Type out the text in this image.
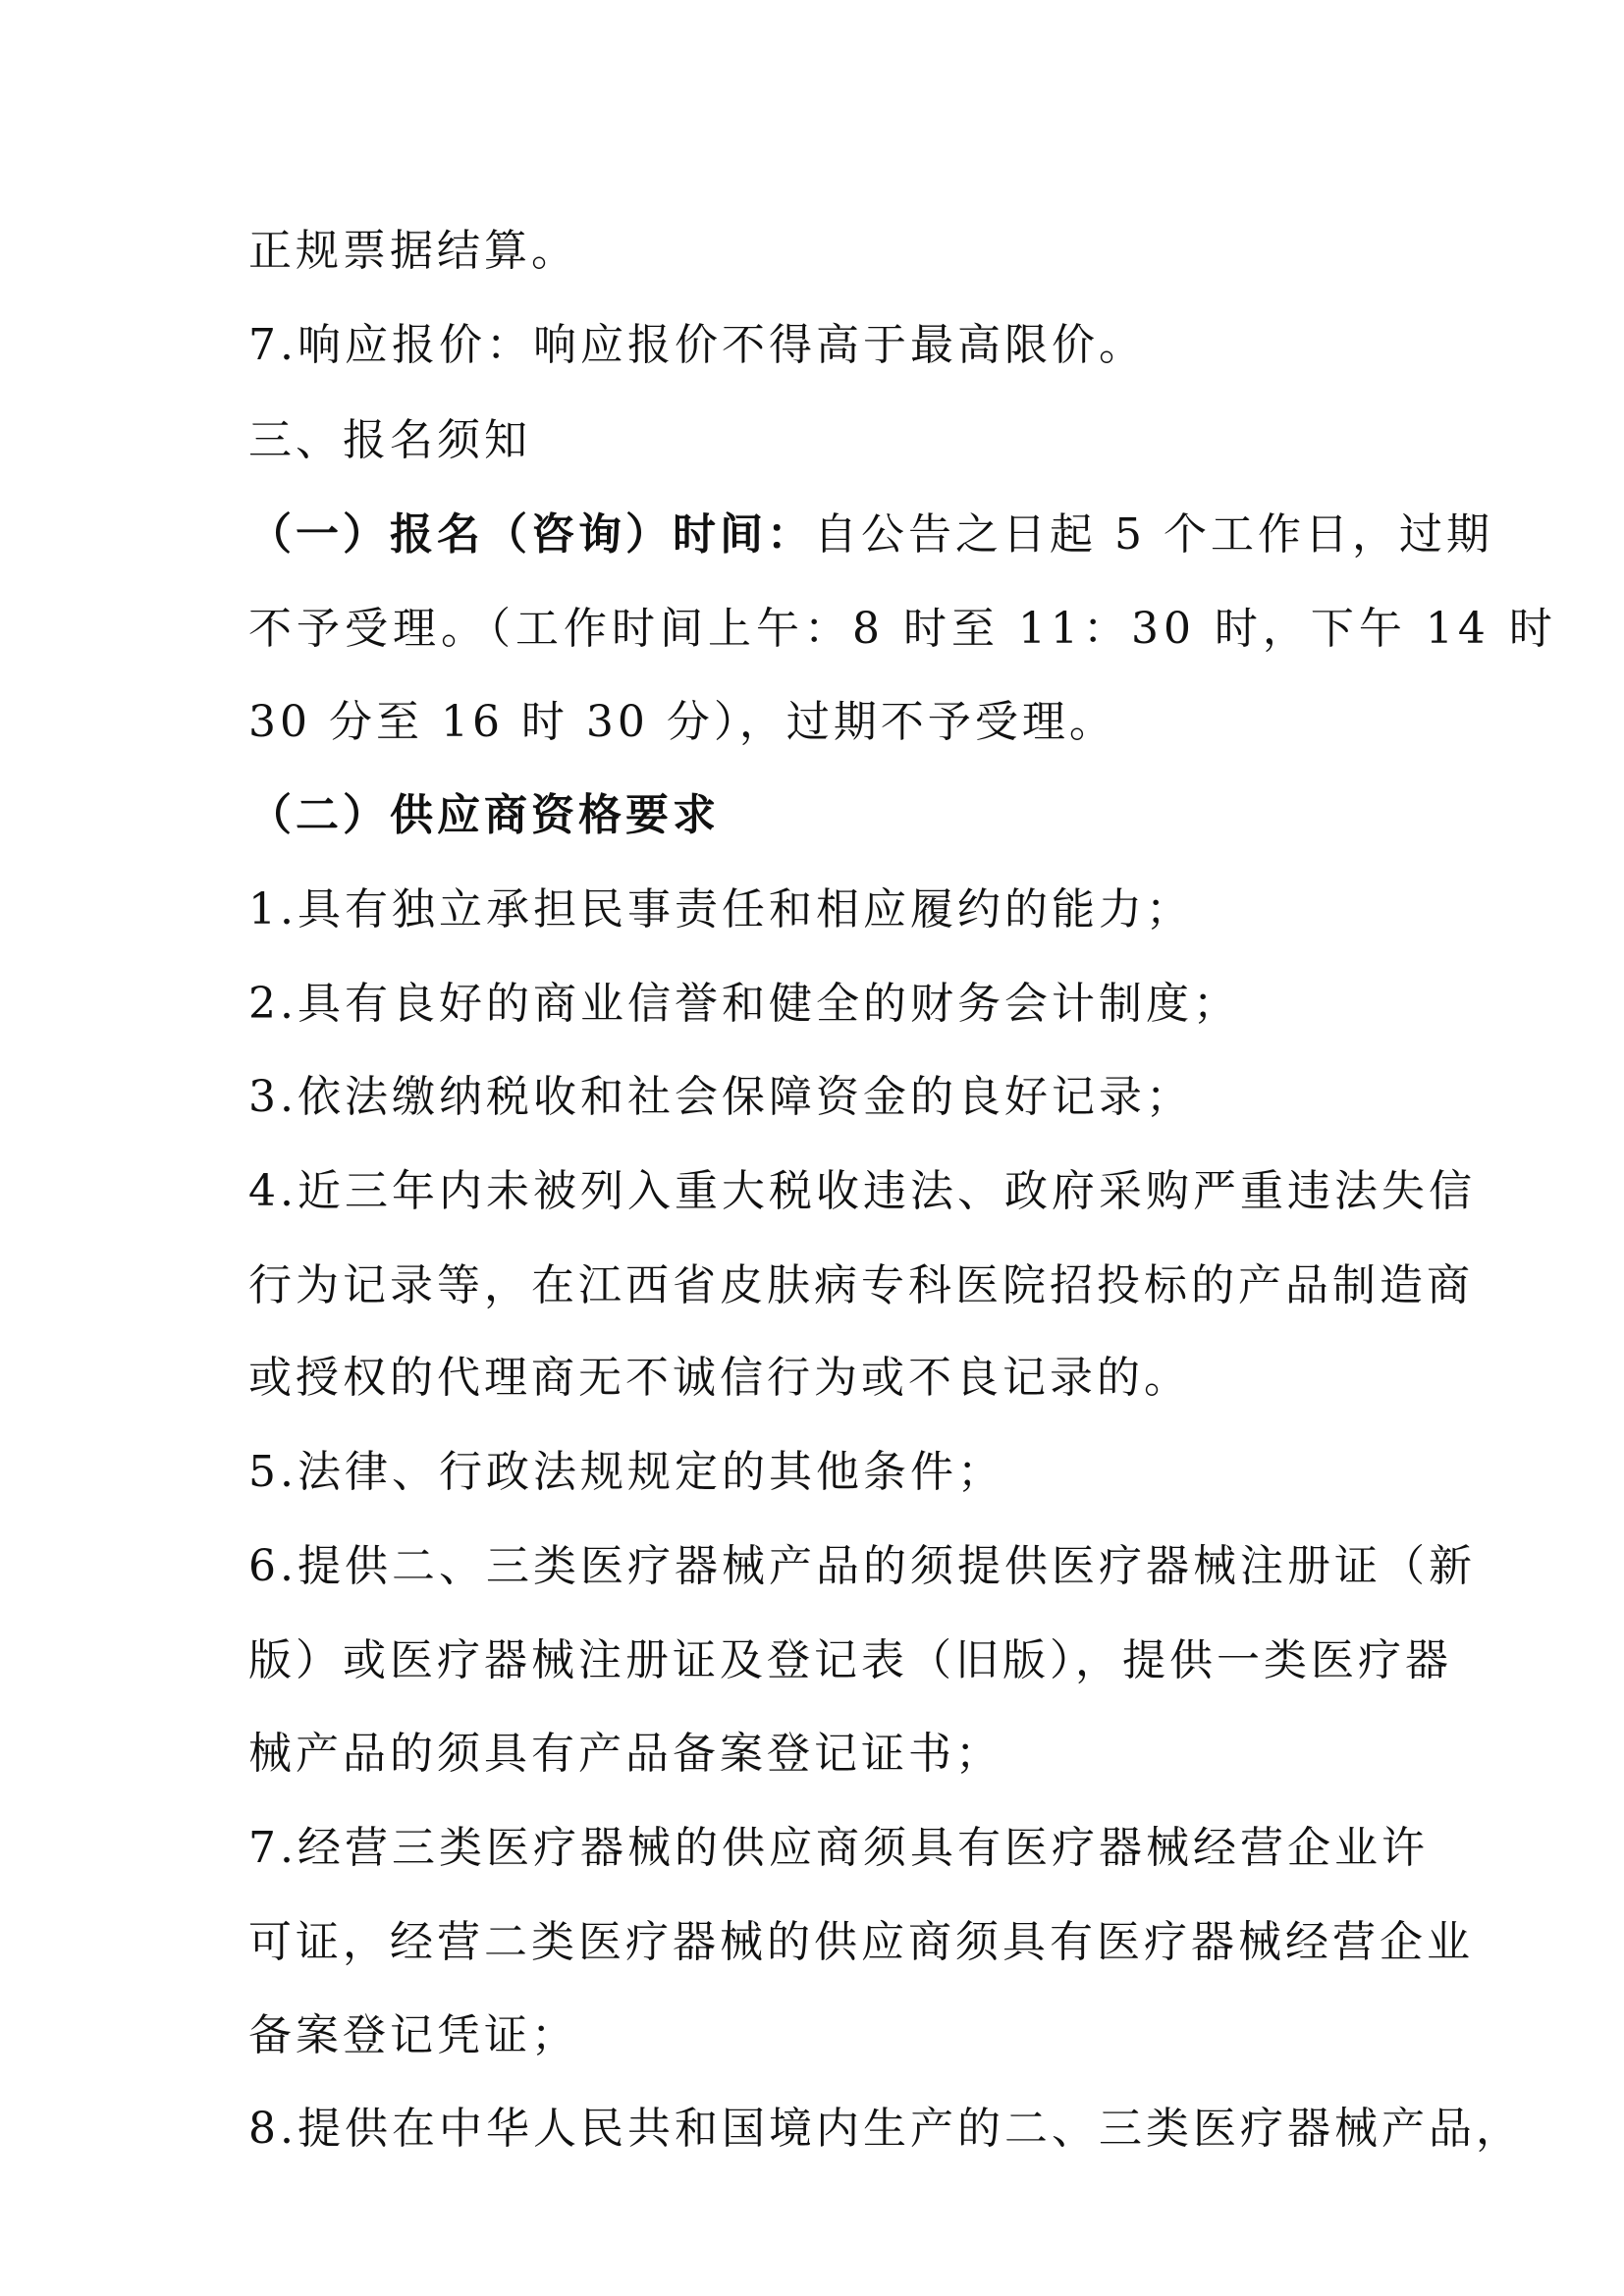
正规票据结算。
7.响应报价：响应报价不得高于最高限价。
三、报名须知
（一）报名（咨询）时间：自公告之日起 5 个工作日，过期
不予受理。（工作时间上午：8 时至 11：30 时，下午 14 时
30 分至 16 时 30 分），过期不予受理。
（二）供应商资格要求
1.具有独立承担民事责任和相应履约的能力；
2.具有良好的商业信誉和健全的财务会计制度；
3.依法缴纳税收和社会保障资金的良好记录；
4.近三年内未被列入重大税收违法、政府采购严重违法失信
行为记录等，在江西省皮肤病专科医院招投标的产品制造商
或授权的代理商无不诚信行为或不良记录的。
5.法律、行政法规规定的其他条件；
6.提供二、三类医疗器械产品的须提供医疗器械注册证（新
版）或医疗器械注册证及登记表（旧版），提供一类医疗器
械产品的须具有产品备案登记证书；
7.经营三类医疗器械的供应商须具有医疗器械经营企业许
可证，经营二类医疗器械的供应商须具有医疗器械经营企业
备案登记凭证；
8.提供在中华人民共和国境内生产的二、三类医疗器械产品，
